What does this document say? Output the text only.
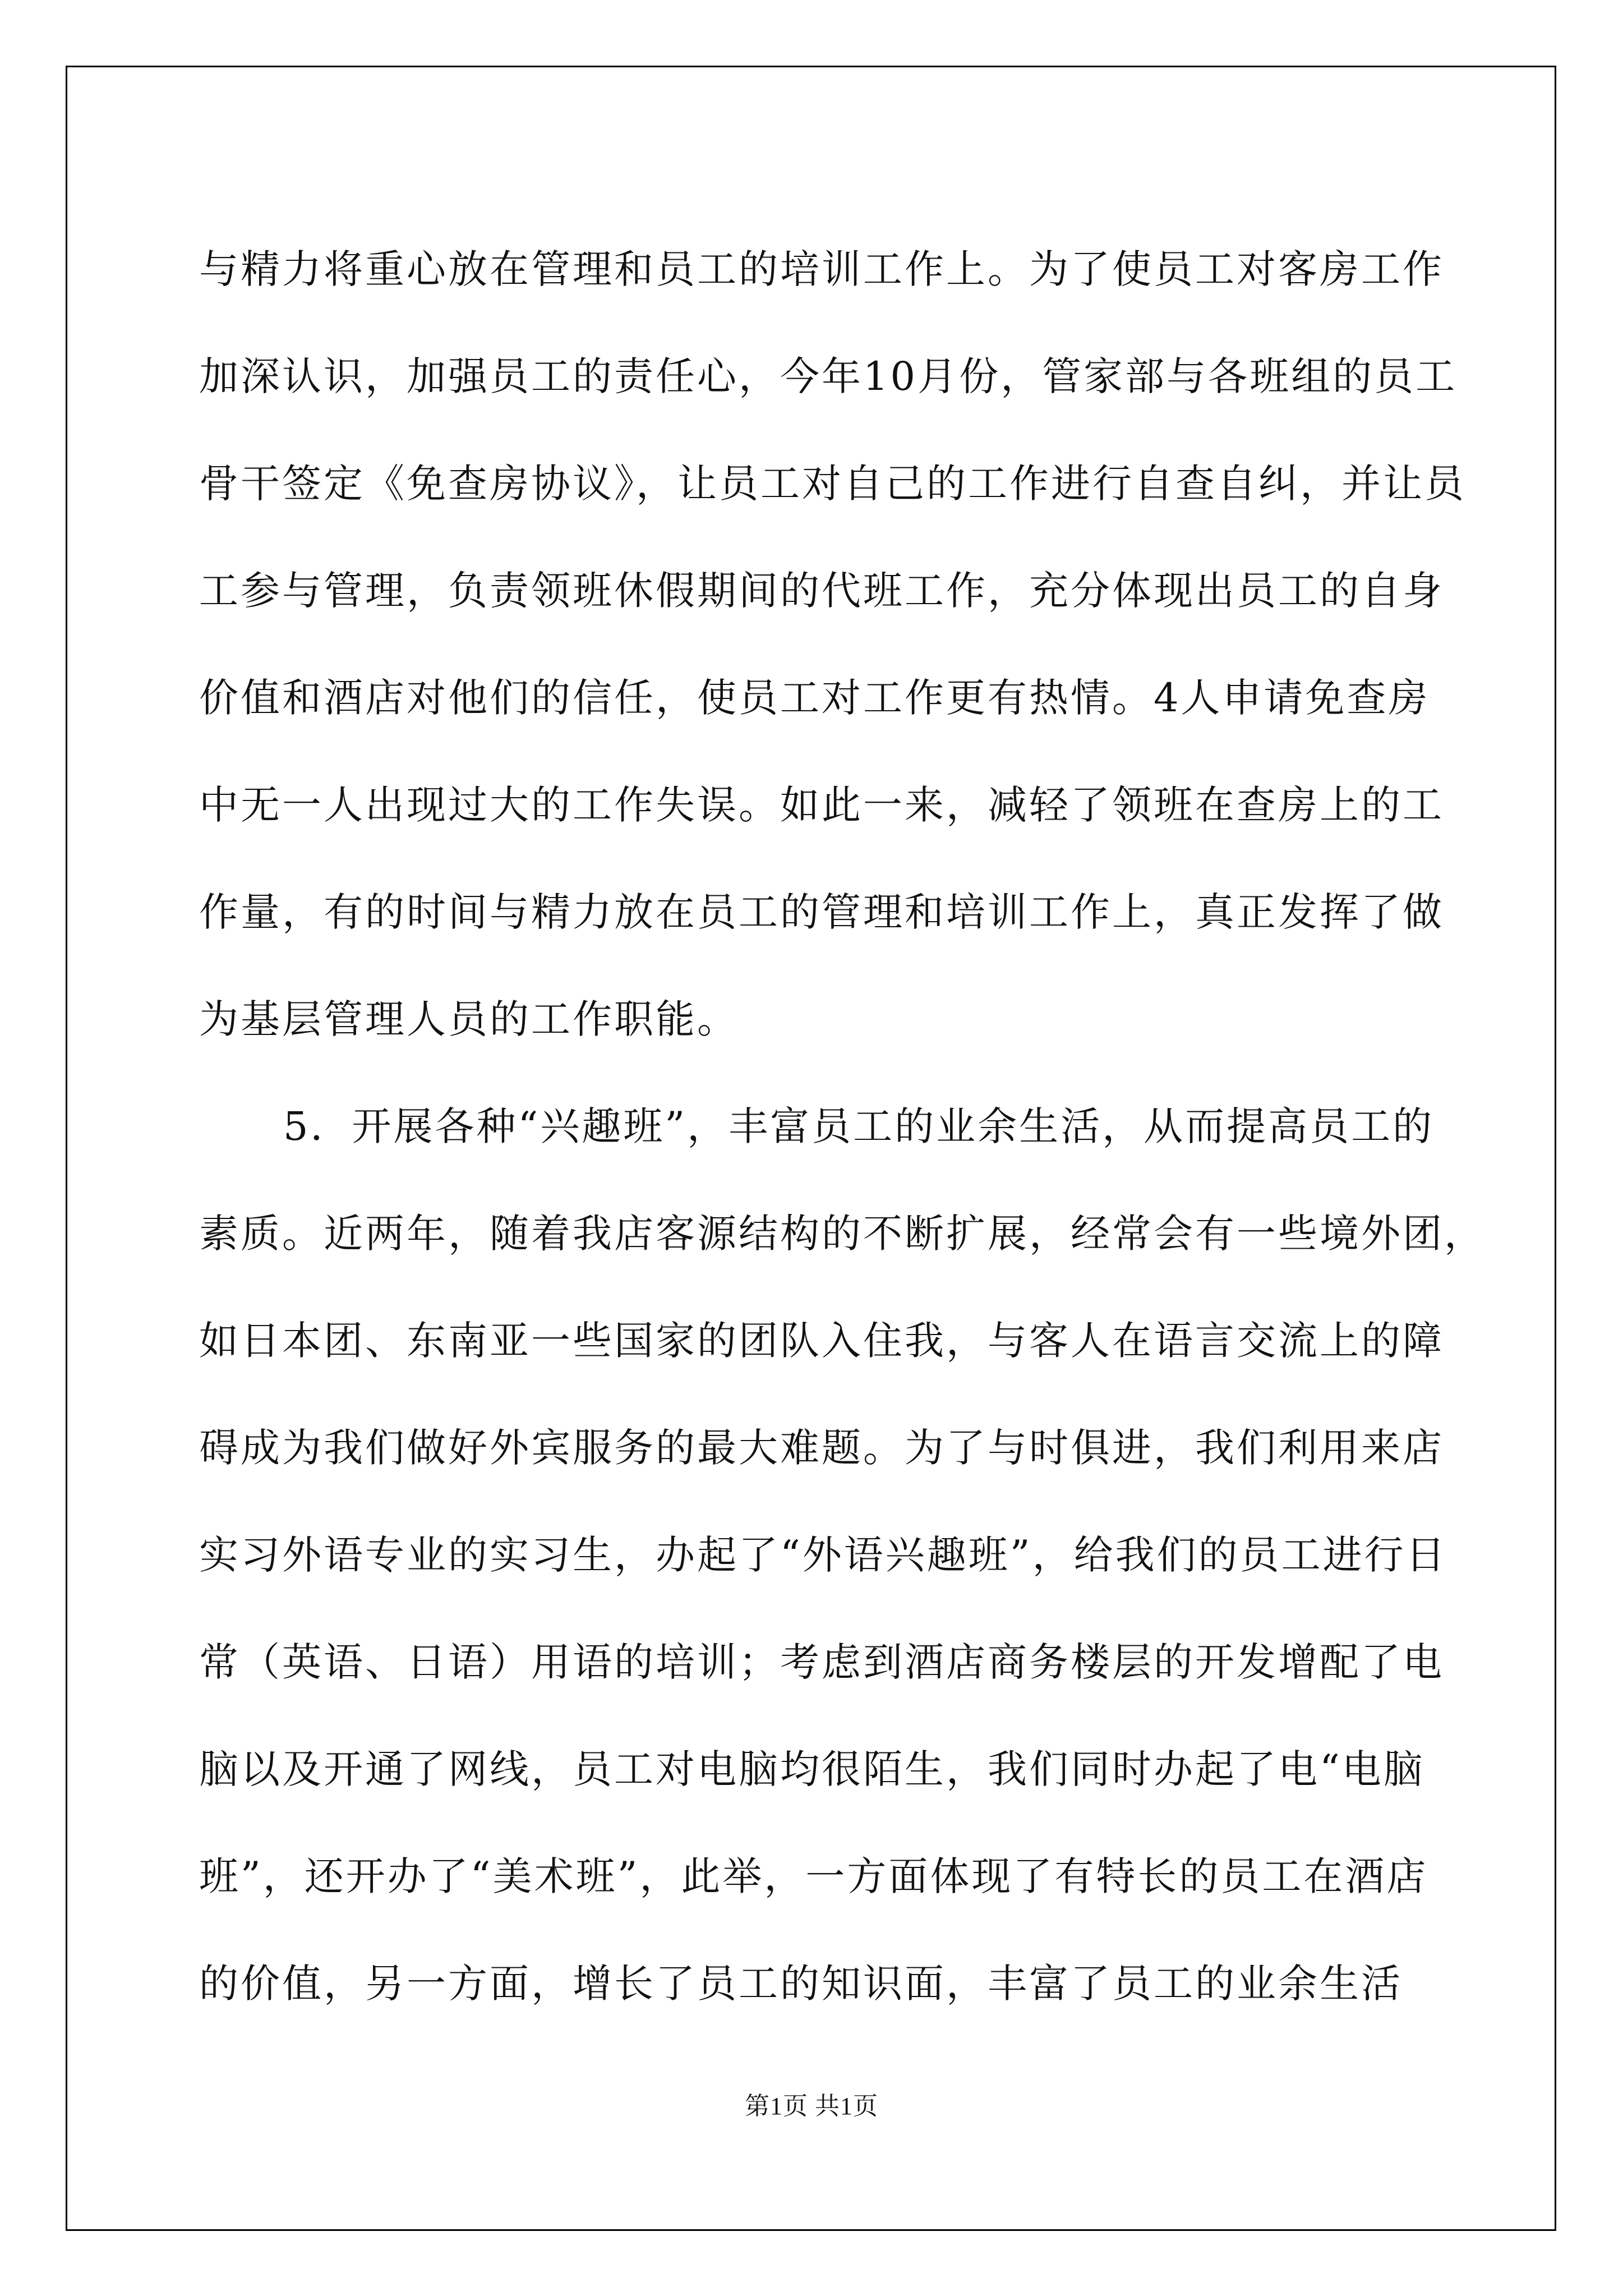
与精力将重心放在管理和员工的培训工作上。为了使员工对客房工作
加深认识，加强员工的责任心，今年10月份，管家部与各班组的员工
骨干签定《免查房协议》，让员工对自己的工作进行自查自纠，并让员
工参与管理，负责领班休假期间的代班工作，充分体现出员工的自身
价值和酒店对他们的信任，使员工对工作更有热情。4人申请免查房
中无一人出现过大的工作失误。如此一来，减轻了领班在查房上的工
作量，有的时间与精力放在员工的管理和培训工作上，真正发挥了做
为基层管理人员的工作职能。
5．开展各种“兴趣班”，丰富员工的业余生活，从而提高员工的
素质。近两年，随着我店客源结构的不断扩展，经常会有一些境外团，
如日本团、东南亚一些国家的团队入住我，与客人在语言交流上的障
碍成为我们做好外宾服务的最大难题。为了与时俱进，我们利用来店
实习外语专业的实习生，办起了“外语兴趣班”，给我们的员工进行日
常（英语、日语）用语的培训；考虑到酒店商务楼层的开发增配了电
脑以及开通了网线，员工对电脑均很陌生，我们同时办起了电“电脑
班”，还开办了“美术班”，此举，一方面体现了有特长的员工在酒店
的价值，另一方面，增长了员工的知识面，丰富了员工的业余生活
第1页 共1页
